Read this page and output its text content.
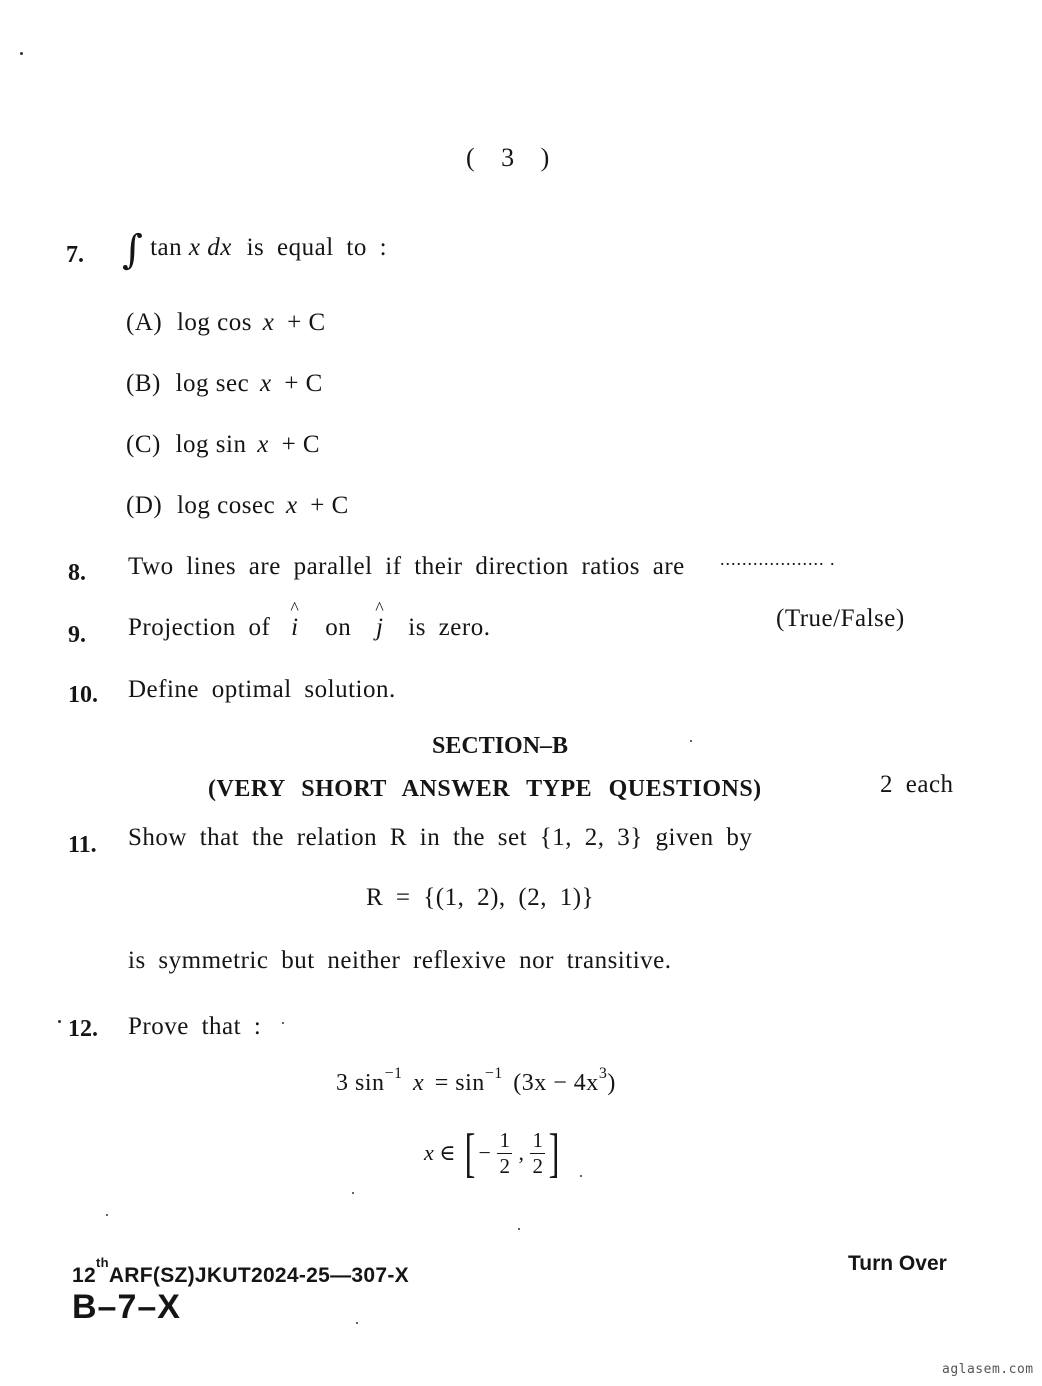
( 3 )
7. ∫ tan x dx is equal to :
(A) log cos x + C
(B) log sec x + C
(C) log sin x + C
(D) log cosec x + C
8. Two lines are parallel if their direction ratios are ................... .
9. Projection of
^
i on
^
j is zero.	(True/False)
10. Define optimal solution.
SECTION–B
(VERY SHORT ANSWER TYPE QUESTIONS)	2 each
11. Show that the relation R in the set {1, 2, 3} given by
R = {(1, 2), (2, 1)}
is symmetric but neither reflexive nor transitive.
12. Prove that :
3 $\sin^{-1} x = \sin^{-1} (3x - 4x^3)$
x ∈ [ − $\frac{1}{2}$ , $\frac{1}{2}$ ]
12thARF(SZ)JKUT2024-25—307-X
B–7–X
Turn Over
aglasem.com
